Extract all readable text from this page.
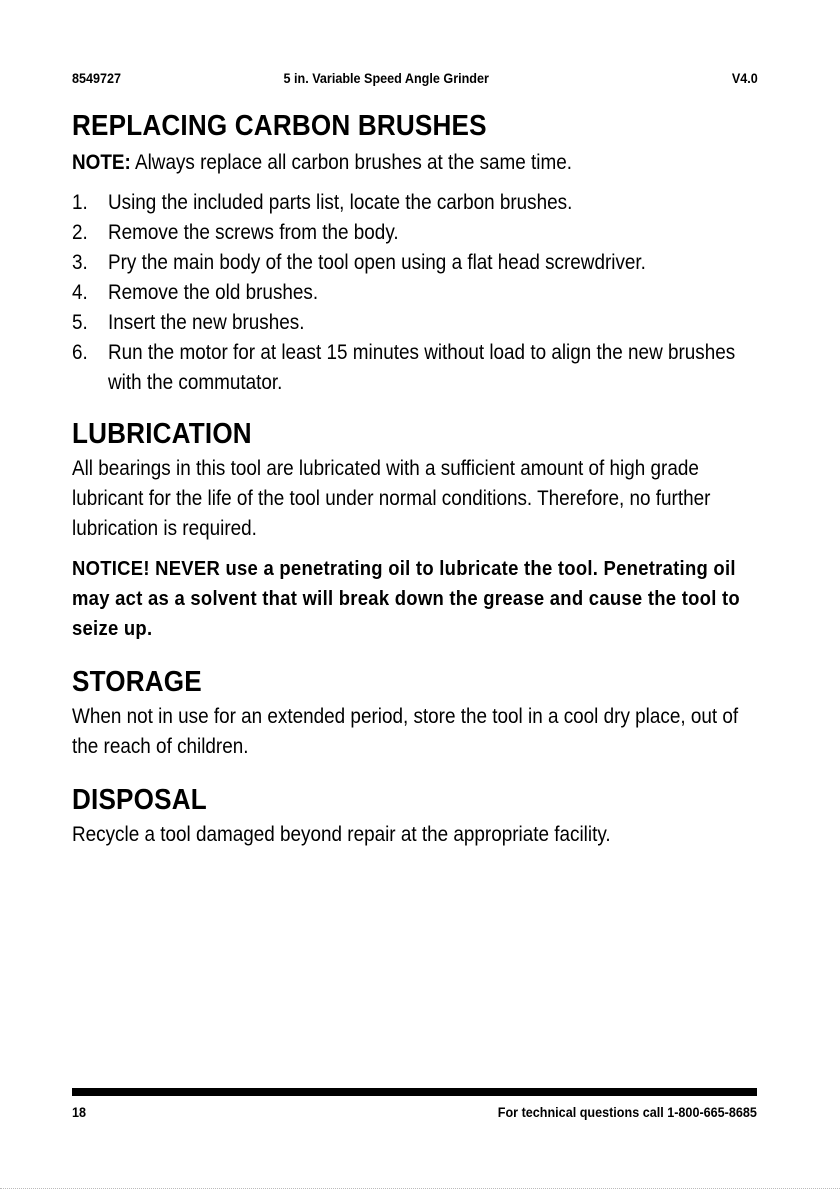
8549727	5 in. Variable Speed Angle Grinder	V4.0
REPLACING CARBON BRUSHES
NOTE: Always replace all carbon brushes at the same time.
1. Using the included parts list, locate the carbon brushes.
2. Remove the screws from the body.
3. Pry the main body of the tool open using a flat head screwdriver.
4. Remove the old brushes.
5. Insert the new brushes.
6. Run the motor for at least 15 minutes without load to align the new brushes with the commutator.
LUBRICATION

All bearings in this tool are lubricated with a sufficient amount of high grade lubricant for the life of the tool under normal conditions. Therefore, no further lubrication is required.

NOTICE! NEVER use a penetrating oil to lubricate the tool. Penetrating oil may act as a solvent that will break down the grease and cause the tool to seize up.

STORAGE

When not in use for an extended period, store the tool in a cool dry place, out of the reach of children.

DISPOSAL

Recycle a tool damaged beyond repair at the appropriate facility.

18	For technical questions call 1-800-665-8685
